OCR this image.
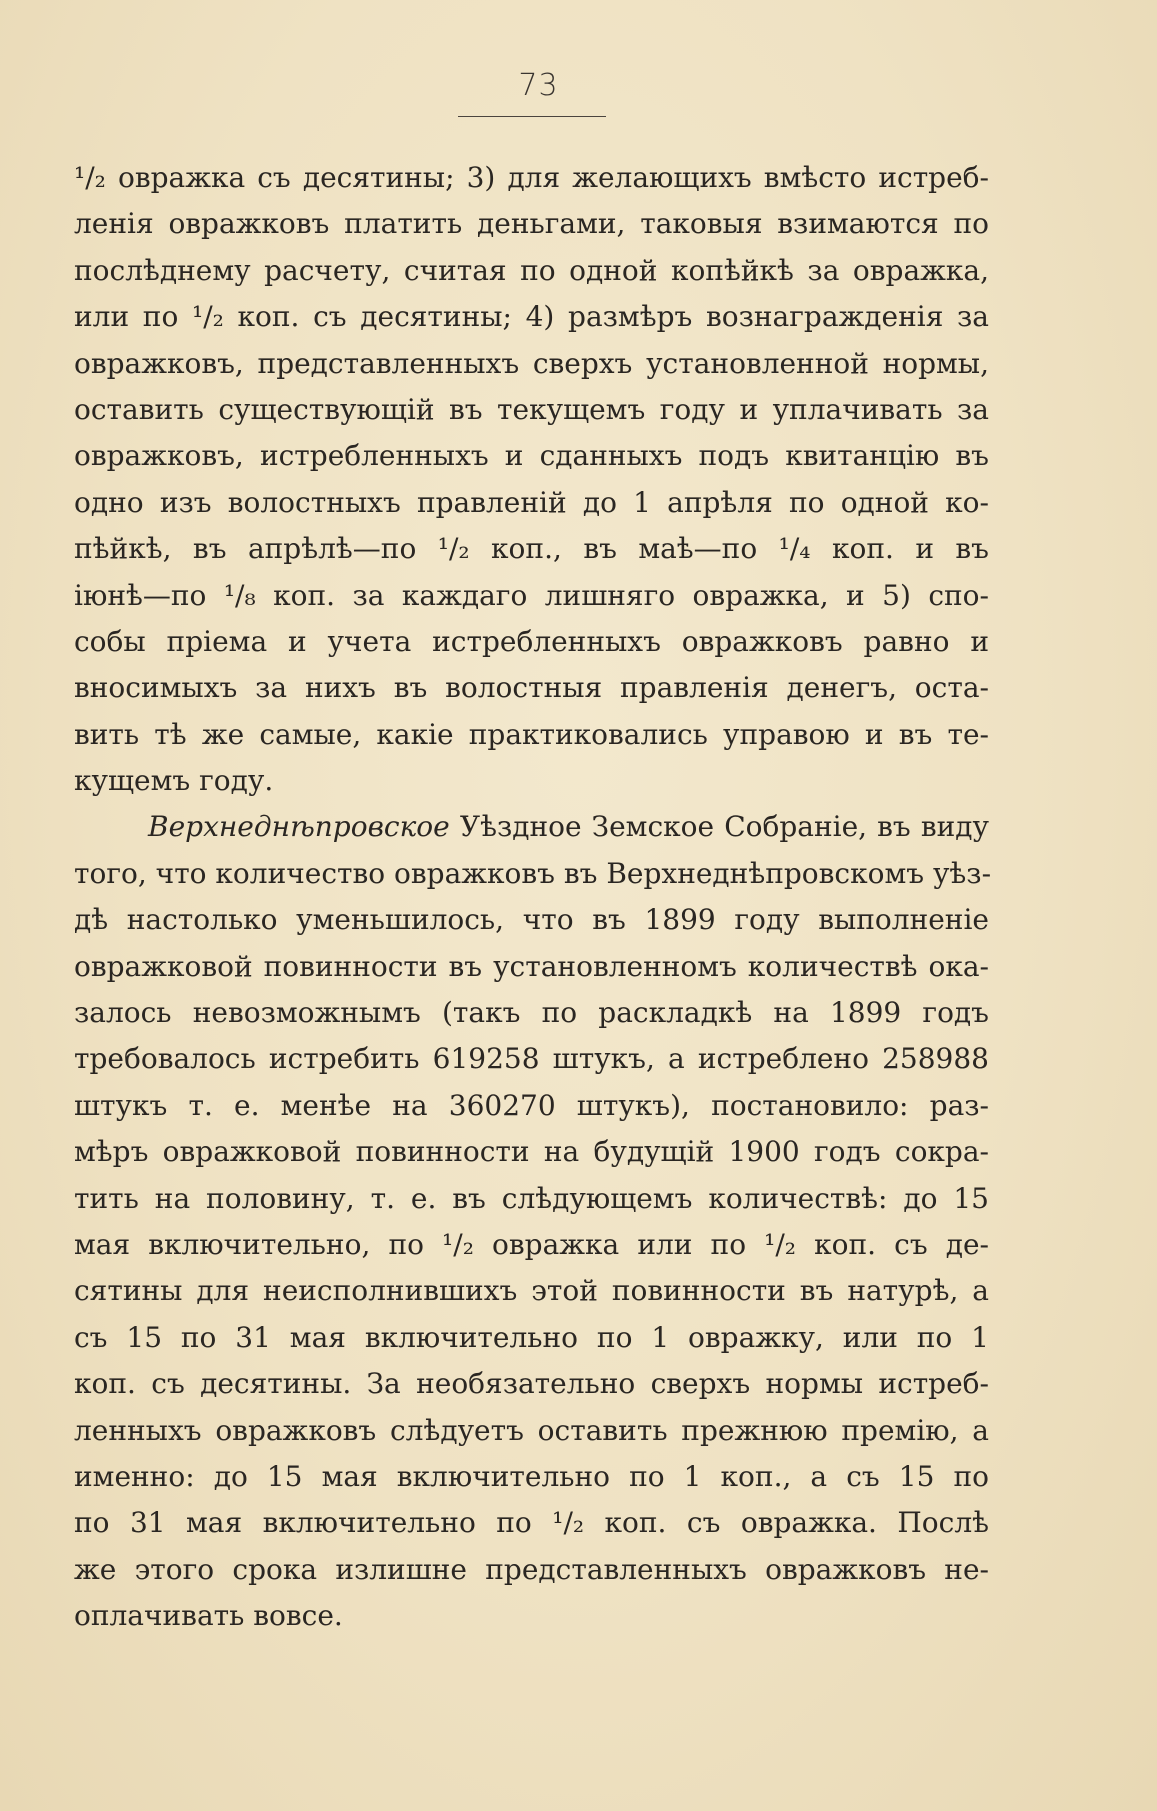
73
¹/₂ овражка съ десятины; 3) для желающихъ вмѣсто истреб-
ленія овражковъ платить деньгами, таковыя взимаются по
послѣднему расчету, считая по одной копѣйкѣ за овражка,
или по ¹/₂ коп. съ десятины; 4) размѣръ вознагражденія за
овражковъ, представленныхъ сверхъ установленной нормы,
оставить существующій въ текущемъ году и уплачивать за
овражковъ, истребленныхъ и сданныхъ подъ квитанцію въ
одно изъ волостныхъ правленій до 1 апрѣля по одной ко-
пѣйкѣ, въ апрѣлѣ—по ¹/₂ коп., въ маѣ—по ¹/₄ коп. и въ
іюнѣ—по ¹/₈ коп. за каждаго лишняго овражка, и 5) спо-
собы пріема и учета истребленныхъ овражковъ равно и
вносимыхъ за нихъ въ волостныя правленія денегъ, оста-
вить тѣ же самые, какіе практиковались управою и въ те-
кущемъ году.
Верхнеднѣпровское Уѣздное Земское Собраніе, въ виду
того, что количество овражковъ въ Верхнеднѣпровскомъ уѣз-
дѣ настолько уменьшилось, что въ 1899 году выполненіе
овражковой повинности въ установленномъ количествѣ ока-
залось невозможнымъ (такъ по раскладкѣ на 1899 годъ
требовалось истребить 619258 штукъ, а истреблено 258988
штукъ т. е. менѣе на 360270 штукъ), постановило: раз-
мѣръ овражковой повинности на будущій 1900 годъ сокра-
тить на половину, т. е. въ слѣдующемъ количествѣ: до 15
мая включительно, по ¹/₂ овражка или по ¹/₂ коп. съ де-
сятины для неисполнившихъ этой повинности въ натурѣ, а
съ 15 по 31 мая включительно по 1 овражку, или по 1
коп. съ десятины. За необязательно сверхъ нормы истреб-
ленныхъ овражковъ слѣдуетъ оставить прежнюю премію, а
именно: до 15 мая включительно по 1 коп., а съ 15 по
по 31 мая включительно по ¹/₂ коп. съ овражка. Послѣ
же этого срока излишне представленныхъ овражковъ не-
оплачивать вовсе.
